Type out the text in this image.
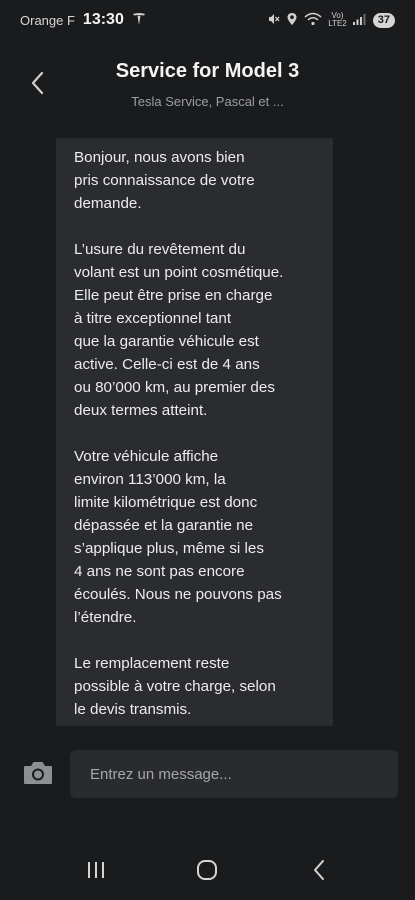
Orange F 13:30	Vo)
LTE2	37
Service for Model 3
Tesla Service, Pascal et ...

Bonjour, nous avons bien
pris connaissance de votre
demande.

L’usure du revêtement du
volant est un point cosmétique.
Elle peut être prise en charge
à titre exceptionnel tant
que la garantie véhicule est
active. Celle-ci est de 4 ans
ou 80’000 km, au premier des
deux termes atteint.

Votre véhicule affiche
environ 113’000 km, la
limite kilométrique est donc
dépassée et la garantie ne
s’applique plus, même si les
4 ans ne sont pas encore
écoulés. Nous ne pouvons pas
l’étendre.

Le remplacement reste
possible à votre charge, selon
le devis transmis.

Entrez un message...
